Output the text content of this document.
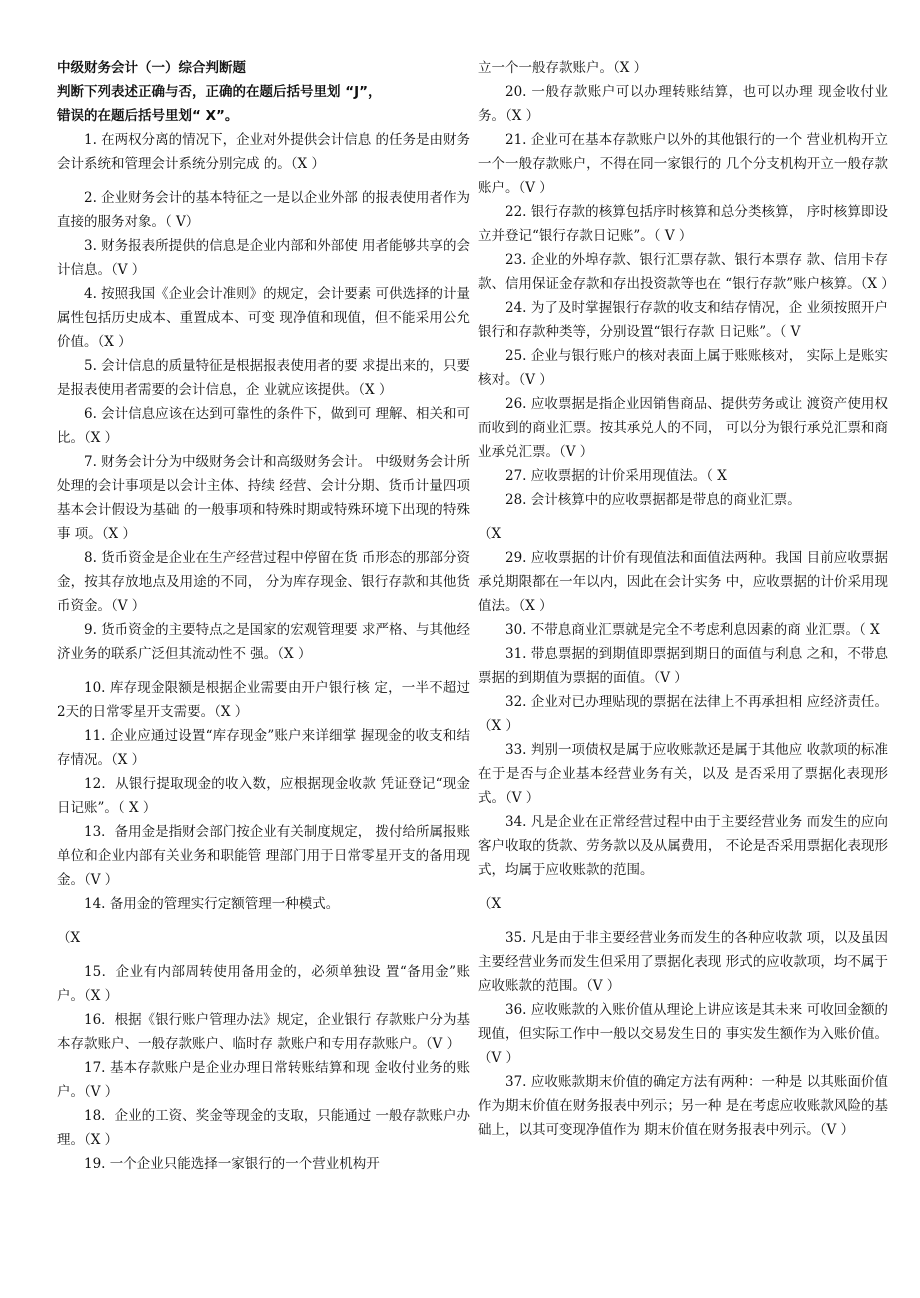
中级财务会计（一）综合判断题

判断下列表述正确与否，正确的在题后括号里划 “J”，

错误的在题后括号里划“ X”。

1. 在两权分离的情况下，企业对外提供会计信息 的任务是由财务会计系统和管理会计系统分别完成 的。（X ）

2. 企业财务会计的基本特征之一是以企业外部 的报表使用者作为直接的服务对象。（ V）

3. 财务报表所提供的信息是企业内部和外部使 用者能够共享的会计信息。（V ）

4. 按照我国《企业会计准则》的规定，会计要素 可供选择的计量属性包括历史成本、重置成本、可变 现净值和现值，但不能采用公允价值。（X ）

5. 会计信息的质量特征是根据报表使用者的要 求提出来的，只要是报表使用者需要的会计信息，企 业就应该提供。（X ）

6. 会计信息应该在达到可靠性的条件下，做到可 理解、相关和可比。（X ）

7. 财务会计分为中级财务会计和高级财务会计。 中级财务会计所处理的会计事项是以会计主体、持续 经营、会计分期、货币计量四项基本会计假设为基础 的一般事项和特殊时期或特殊环境下出现的特殊事 项。（X ）

8. 货币资金是企业在生产经营过程中停留在货 币形态的那部分资金，按其存放地点及用途的不同， 分为库存现金、银行存款和其他货币资金。（V ）

9. 货币资金的主要特点之是国家的宏观管理要 求严格、与其他经济业务的联系广泛但其流动性不 强。（X ）

10. 库存现金限额是根据企业需要由开户银行核 定，一半不超过2天的日常零星开支需要。（X ）

11. 企业应通过设置“库存现金”账户来详细掌 握现金的收支和结存情况。（X ）

12．从银行提取现金的收入数，应根据现金收款 凭证登记“现金日记账”。（ X ）

13．备用金是指财会部门按企业有关制度规定， 拨付给所属报账单位和企业内部有关业务和职能管 理部门用于日常零星开支的备用现金。（V ）

14. 备用金的管理实行定额管理一种模式。

（X

15．企业有内部周转使用备用金的，必须单独设 置“备用金”账户。（X ）

16．根据《银行账户管理办法》规定，企业银行 存款账户分为基本存款账户、一般存款账户、临时存 款账户和专用存款账户。（V ）

17. 基本存款账户是企业办理日常转账结算和现 金收付业务的账户。（V ）

18．企业的工资、奖金等现金的支取，只能通过 一般存款账户办理。（X ）

19. 一个企业只能选择一家银行的一个营业机构开

立一个一般存款账户。（X ）

20. 一般存款账户可以办理转账结算，也可以办理 现金收付业务。（X ）

21. 企业可在基本存款账户以外的其他银行的一个 营业机构开立一个一般存款账户，不得在同一家银行的 几个分支机构开立一般存款账户。（V ）

22. 银行存款的核算包括序时核算和总分类核算， 序时核算即设立并登记“银行存款日记账”。（ V ）

23. 企业的外埠存款、银行汇票存款、银行本票存 款、信用卡存款、信用保证金存款和存出投资款等也在 “银行存款”账户核算。（X ）

24. 为了及时掌握银行存款的收支和结存情况，企 业须按照开户银行和存款种类等，分别设置“银行存款 日记账”。（ V

25. 企业与银行账户的核对表面上属于账账核对， 实际上是账实核对。（V ）

26. 应收票据是指企业因销售商品、提供劳务或让 渡资产使用权而收到的商业汇票。按其承兑人的不同， 可以分为银行承兑汇票和商业承兑汇票。（V ）

27. 应收票据的计价采用现值法。（ X

28. 会计核算中的应收票据都是带息的商业汇票。

（X

29. 应收票据的计价有现值法和面值法两种。我国 目前应收票据承兑期限都在一年以内，因此在会计实务 中，应收票据的计价采用现值法。（X ）

30. 不带息商业汇票就是完全不考虑利息因素的商 业汇票。（ X

31. 带息票据的到期值即票据到期日的面值与利息 之和，不带息票据的到期值为票据的面值。（V ）

32. 企业对已办理贴现的票据在法律上不再承担相 应经济责任。（X ）

33. 判别一项债权是属于应收账款还是属于其他应 收款项的标准在于是否与企业基本经营业务有关，以及 是否采用了票据化表现形式。（V ）

34. 凡是企业在正常经营过程中由于主要经营业务 而发生的应向客户收取的货款、劳务款以及从属费用， 不论是否采用票据化表现形式，均属于应收账款的范围。

（X

35. 凡是由于非主要经营业务而发生的各种应收款 项，以及虽因主要经营业务而发生但采用了票据化表现 形式的应收款项，均不属于应收账款的范围。（V ）

36. 应收账款的入账价值从理论上讲应该是其未来 可收回金额的现值，但实际工作中一般以交易发生日的 事实发生额作为入账价值。（V ）

37. 应收账款期末价值的确定方法有两种：一种是 以其账面价值作为期末价值在财务报表中列示；另一种 是在考虑应收账款风险的基础上，以其可变现净值作为 期末价值在财务报表中列示。（V ）
